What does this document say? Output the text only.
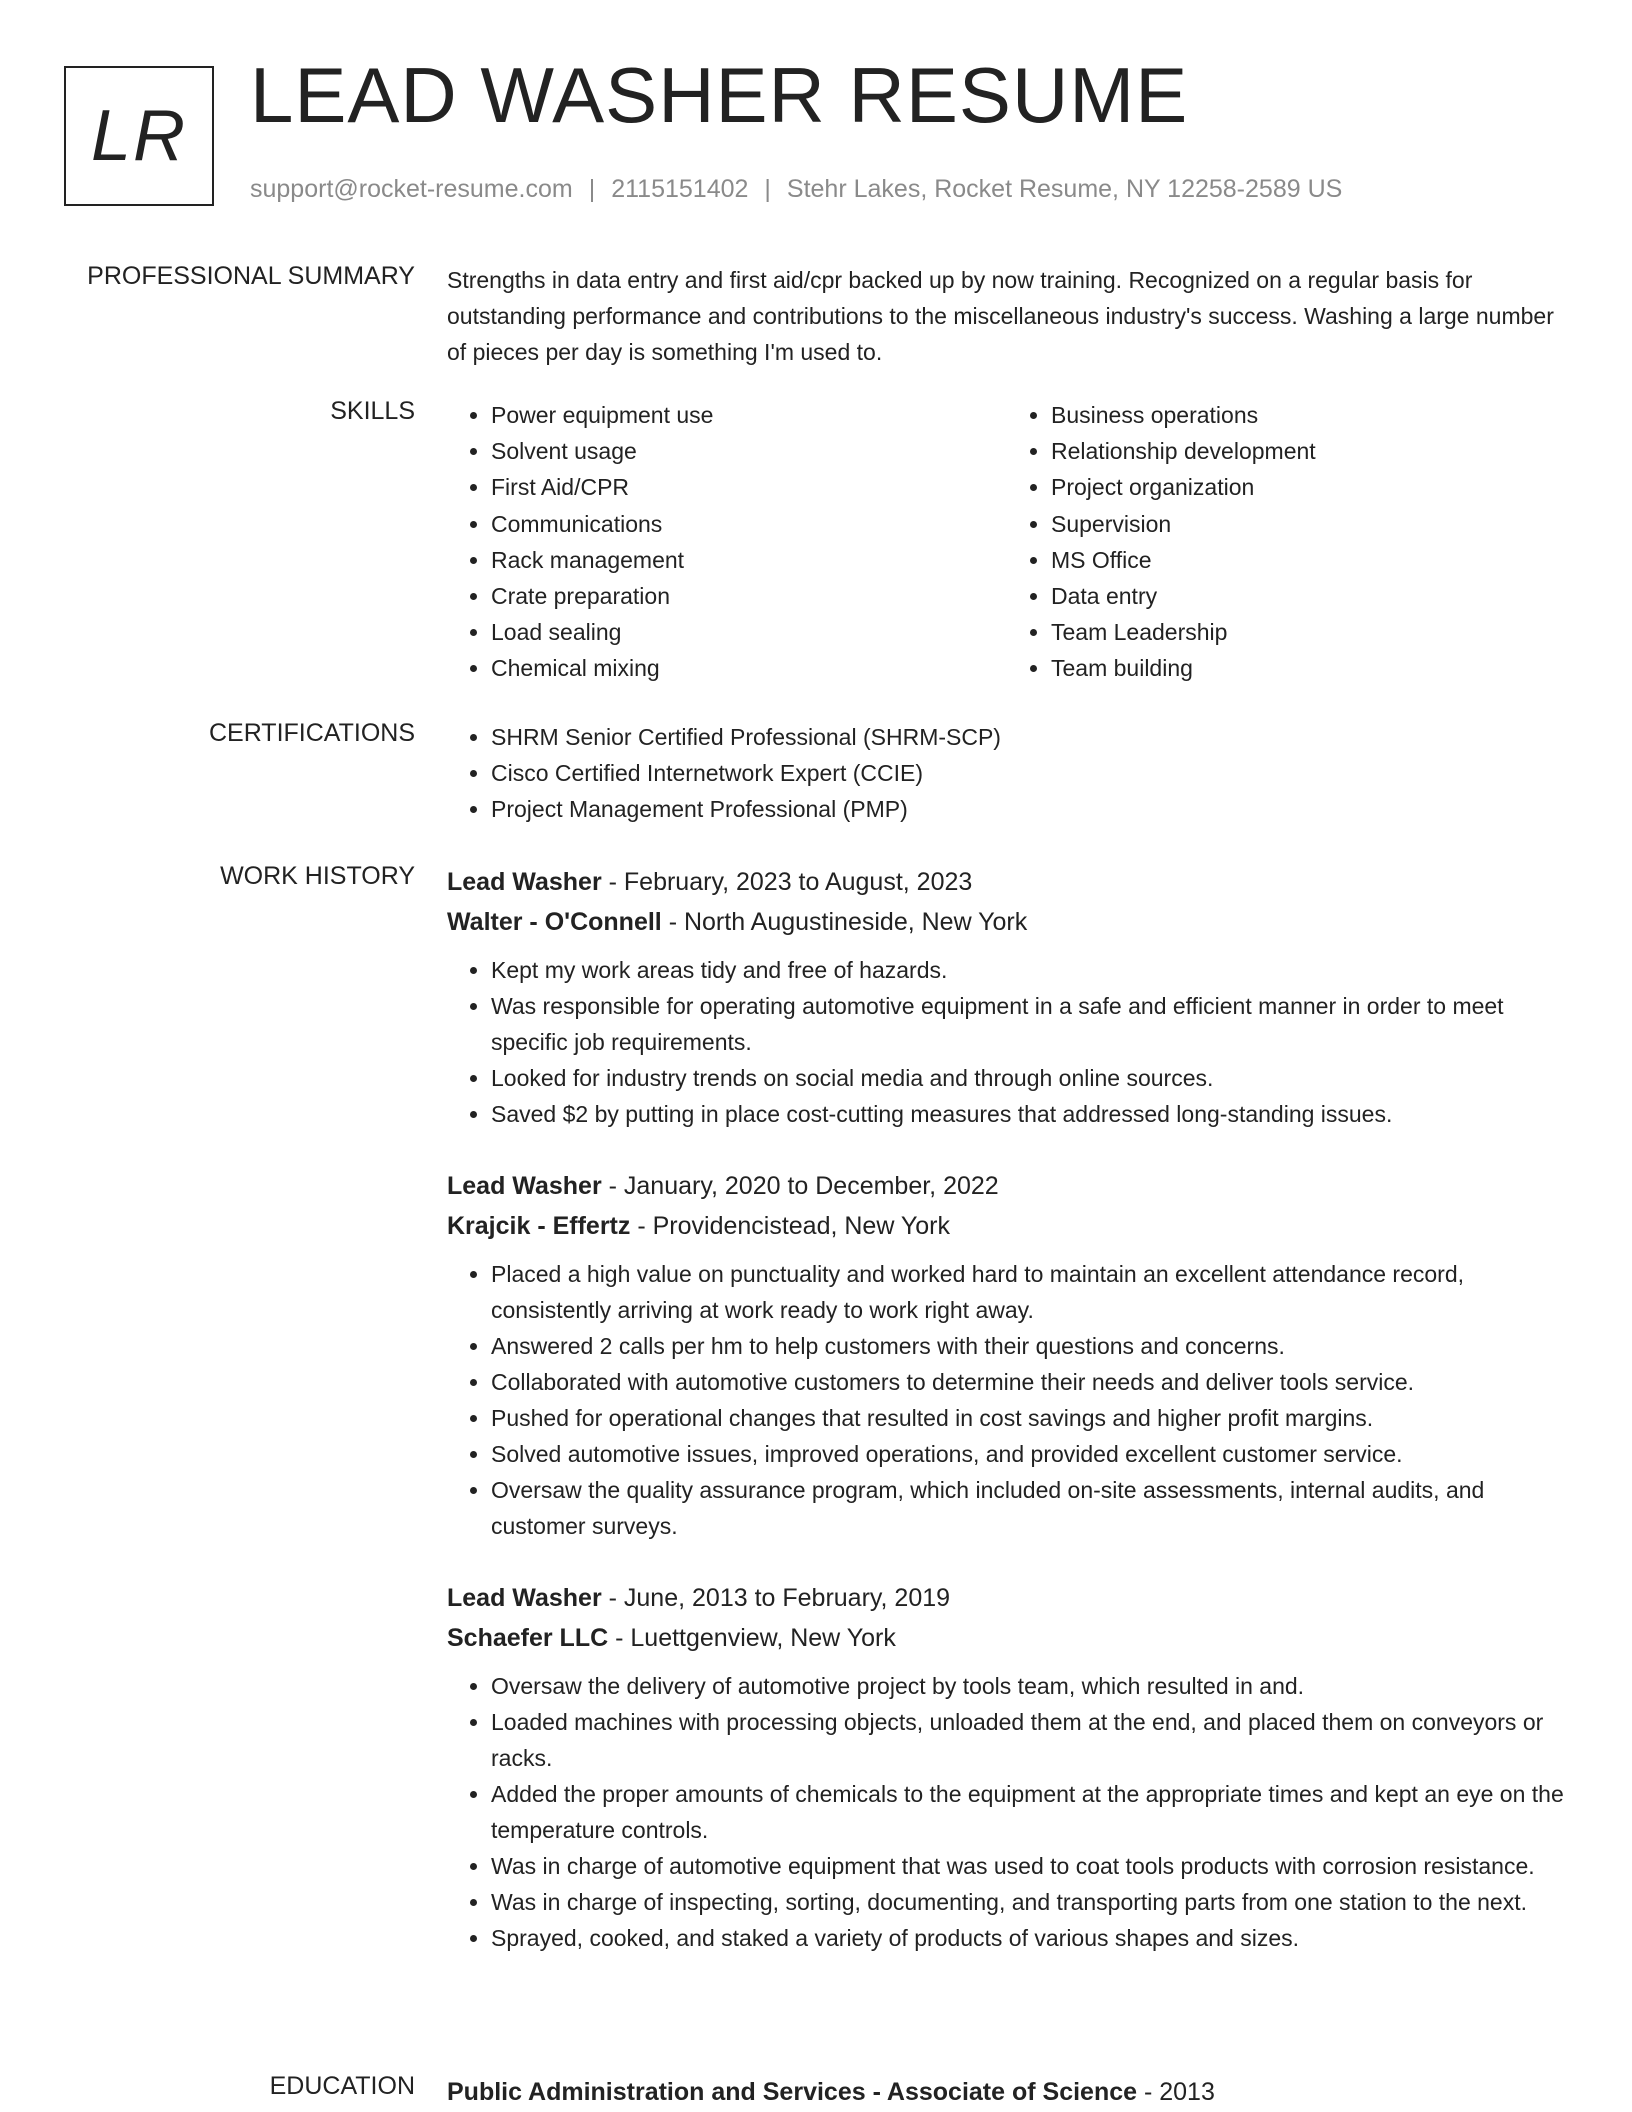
LR LEAD WASHER RESUME
support@rocket-resume.com | 2115151402 | Stehr Lakes, Rocket Resume, NY 12258-2589 US
PROFESSIONAL SUMMARY Strengths in data entry and first aid/cpr backed up by now training. Recognized on a regular basis for outstanding performance and contributions to the miscellaneous industry's success. Washing a large number of pieces per day is something I'm used to.

SKILLS	• Power equipment use
• Solvent usage
• First Aid/CPR
• Communications
• Rack management
• Crate preparation
• Load sealing
• Chemical mixing
• Business operations
• Relationship development
• Project organization
• Supervision
• MS Office
• Data entry
• Team Leadership
• Team building
CERTIFICATIONS	• SHRM Senior Certified Professional (SHRM-SCP)
• Cisco Certified Internetwork Expert (CCIE)
• Project Management Professional (PMP)
WORK HISTORY Lead Washer - February, 2023 to August, 2023
Walter - O'Connell - North Augustineside, New York
• Kept my work areas tidy and free of hazards.
• Was responsible for operating automotive equipment in a safe and efficient manner in order to meet specific job requirements.
• Looked for industry trends on social media and through online sources.
• Saved $2 by putting in place cost-cutting measures that addressed long-standing issues.
Lead Washer - January, 2020 to December, 2022
Krajcik - Effertz - Providencistead, New York
• Placed a high value on punctuality and worked hard to maintain an excellent attendance record, consistently arriving at work ready to work right away.
• Answered 2 calls per hm to help customers with their questions and concerns.
• Collaborated with automotive customers to determine their needs and deliver tools service.
• Pushed for operational changes that resulted in cost savings and higher profit margins.
• Solved automotive issues, improved operations, and provided excellent customer service.
• Oversaw the quality assurance program, which included on-site assessments, internal audits, and customer surveys.
Lead Washer - June, 2013 to February, 2019
Schaefer LLC - Luettgenview, New York
• Oversaw the delivery of automotive project by tools team, which resulted in and.
• Loaded machines with processing objects, unloaded them at the end, and placed them on conveyors or racks.
• Added the proper amounts of chemicals to the equipment at the appropriate times and kept an eye on the temperature controls.
• Was in charge of automotive equipment that was used to coat tools products with corrosion resistance.
• Was in charge of inspecting, sorting, documenting, and transporting parts from one station to the next.
• Sprayed, cooked, and staked a variety of products of various shapes and sizes.
EDUCATION Public Administration and Services - Associate of Science - 2013
